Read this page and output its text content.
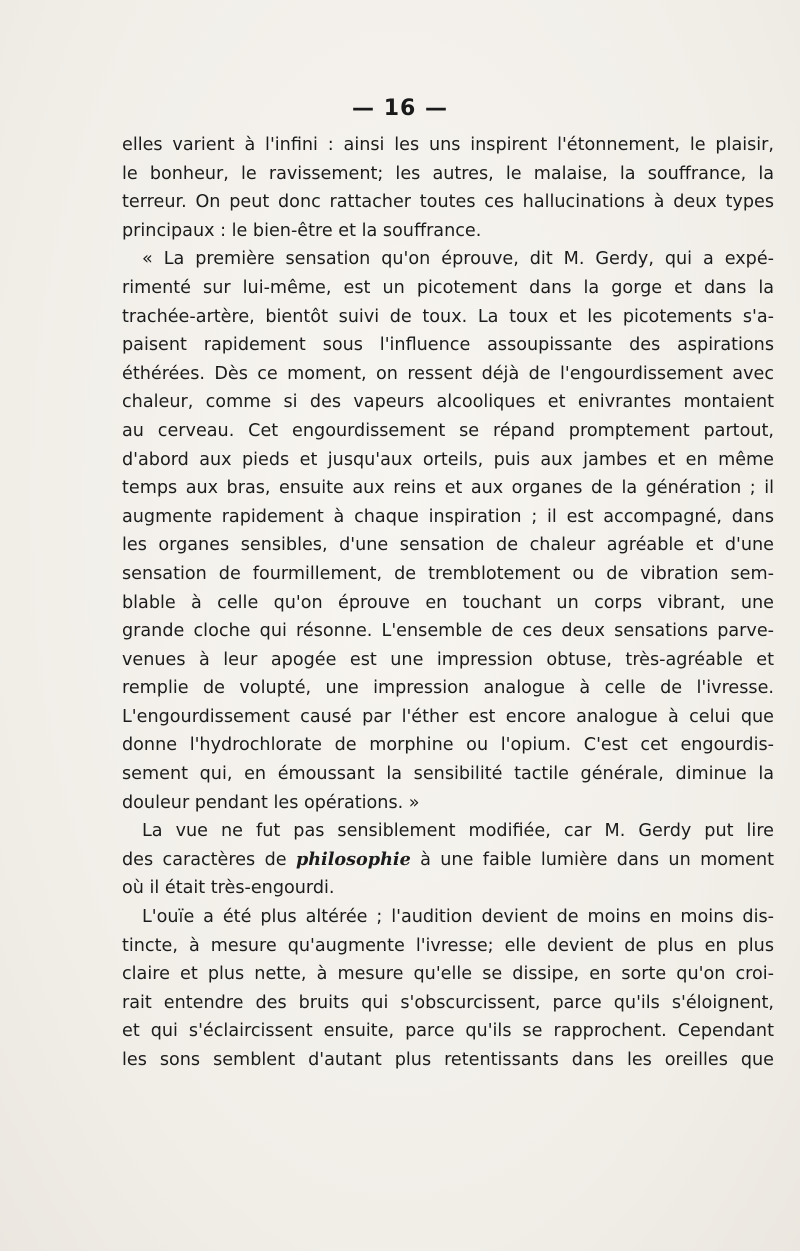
— 16 —
elles varient à l'infini : ainsi les uns inspirent l'étonnement, le plaisir,
le bonheur, le ravissement; les autres, le malaise, la souffrance, la
terreur. On peut donc rattacher toutes ces hallucinations à deux types
principaux : le bien-être et la souffrance.
« La première sensation qu'on éprouve, dit M. Gerdy, qui a expé-
rimenté sur lui-même, est un picotement dans la gorge et dans la
trachée-artère, bientôt suivi de toux. La toux et les picotements s'a-
paisent rapidement sous l'influence assoupissante des aspirations
éthérées. Dès ce moment, on ressent déjà de l'engourdissement avec
chaleur, comme si des vapeurs alcooliques et enivrantes montaient
au cerveau. Cet engourdissement se répand promptement partout,
d'abord aux pieds et jusqu'aux orteils, puis aux jambes et en même
temps aux bras, ensuite aux reins et aux organes de la génération ; il
augmente rapidement à chaque inspiration ; il est accompagné, dans
les organes sensibles, d'une sensation de chaleur agréable et d'une
sensation de fourmillement, de tremblotement ou de vibration sem-
blable à celle qu'on éprouve en touchant un corps vibrant, une
grande cloche qui résonne. L'ensemble de ces deux sensations parve-
venues à leur apogée est une impression obtuse, très-agréable et
remplie de volupté, une impression analogue à celle de l'ivresse.
L'engourdissement causé par l'éther est encore analogue à celui que
donne l'hydrochlorate de morphine ou l'opium. C'est cet engourdis-
sement qui, en émoussant la sensibilité tactile générale, diminue la
douleur pendant les opérations. »
La vue ne fut pas sensiblement modifiée, car M. Gerdy put lire
des caractères de philosophie à une faible lumière dans un moment
où il était très-engourdi.
L'ouïe a été plus altérée ; l'audition devient de moins en moins dis-
tincte, à mesure qu'augmente l'ivresse; elle devient de plus en plus
claire et plus nette, à mesure qu'elle se dissipe, en sorte qu'on croi-
rait entendre des bruits qui s'obscurcissent, parce qu'ils s'éloignent,
et qui s'éclaircissent ensuite, parce qu'ils se rapprochent. Cependant
les sons semblent d'autant plus retentissants dans les oreilles que
